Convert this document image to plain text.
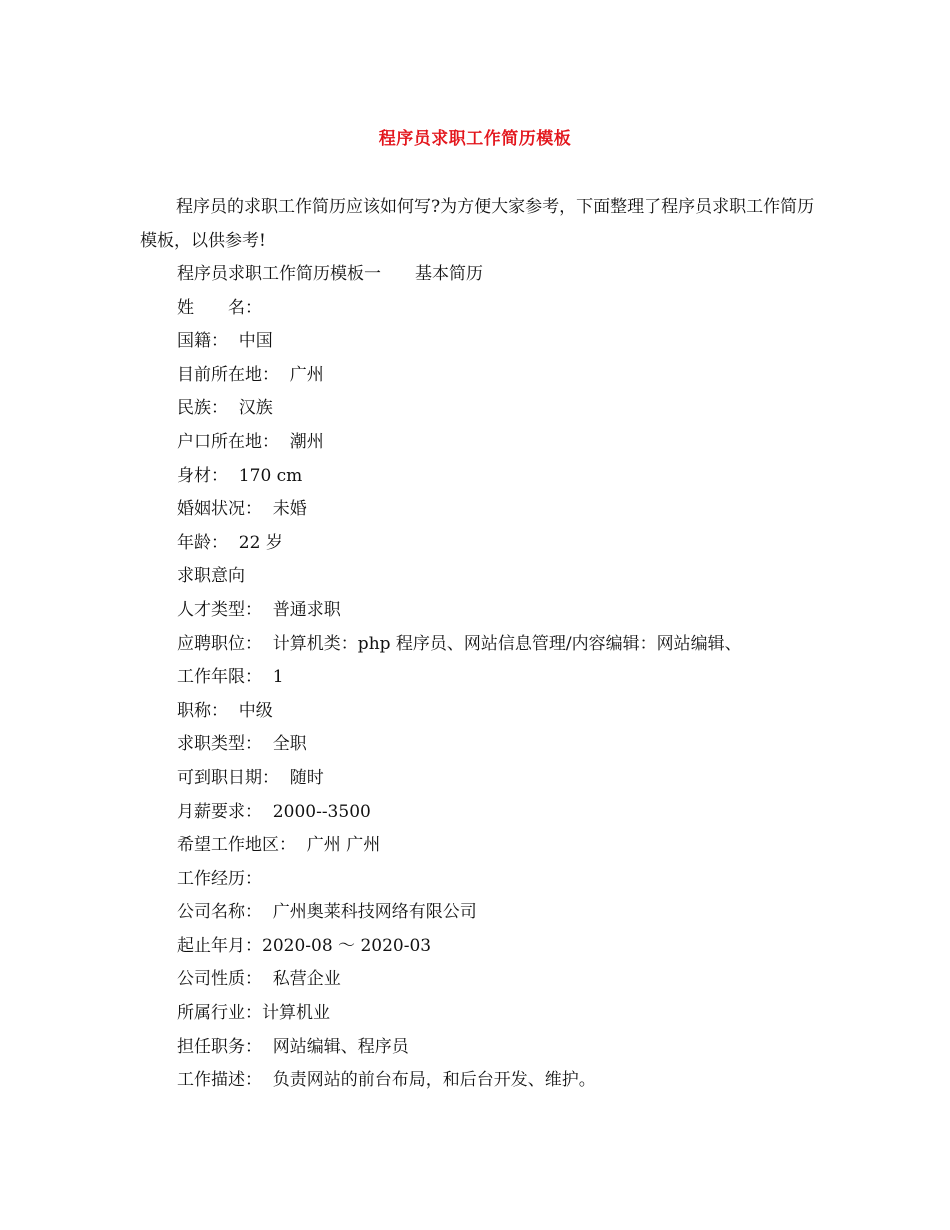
程序员求职工作简历模板
程序员的求职工作简历应该如何写?为方便大家参考，下面整理了程序员求职工作简历模板，以供参考!
程序员求职工作简历模板一　　基本简历
姓　　名：
国籍：  中国
目前所在地：  广州
民族：  汉族
户口所在地：  潮州
身材：  170 cm
婚姻状况：  未婚
年龄：  22 岁
求职意向
人才类型：  普通求职
应聘职位：  计算机类：php 程序员、网站信息管理/内容编辑：网站编辑、
工作年限：  1
职称：  中级
求职类型：  全职
可到职日期：  随时
月薪要求：  2000--3500
希望工作地区：  广州 广州
工作经历：
公司名称：  广州奥莱科技网络有限公司
起止年月：2020-08 ～ 2020-03
公司性质：  私营企业
所属行业：计算机业
担任职务：  网站编辑、程序员
工作描述：  负责网站的前台布局，和后台开发、维护。
